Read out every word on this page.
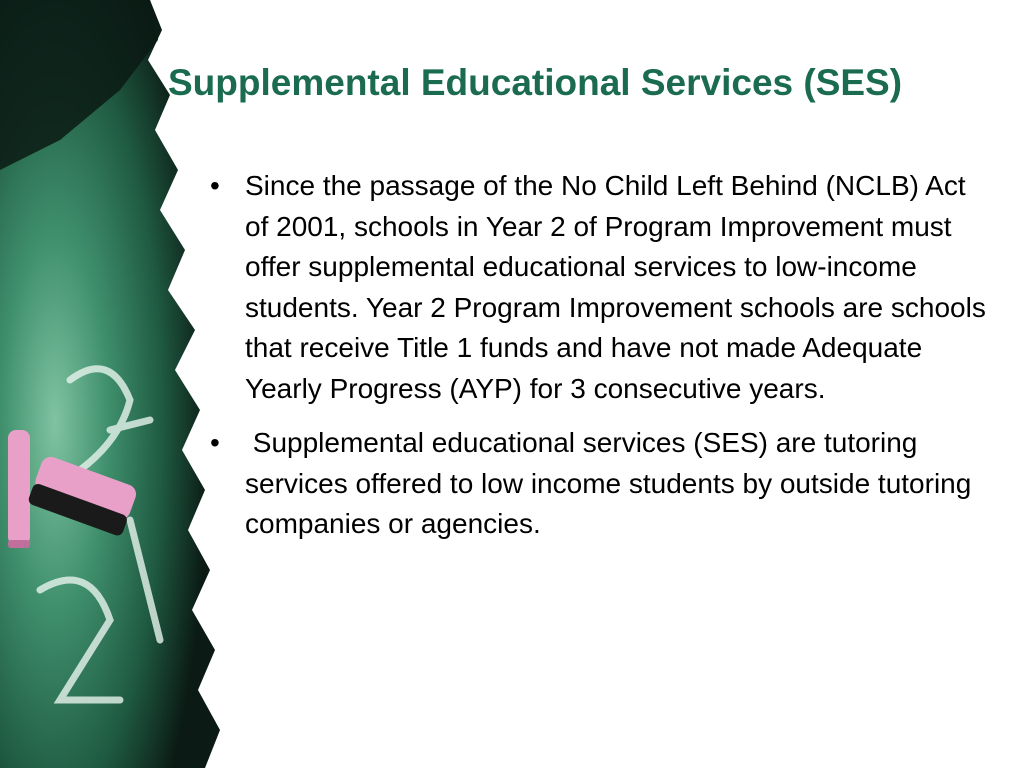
Supplemental Educational Services (SES)
• Since the passage of the No Child Left Behind (NCLB) Act of 2001, schools in Year 2 of Program Improvement must offer supplemental educational services to low-income students. Year 2 Program Improvement schools are schools that receive Title 1 funds and have not made Adequate Yearly Progress (AYP) for 3 consecutive years.
• Supplemental educational services (SES) are tutoring services offered to low income students by outside tutoring companies or agencies.
